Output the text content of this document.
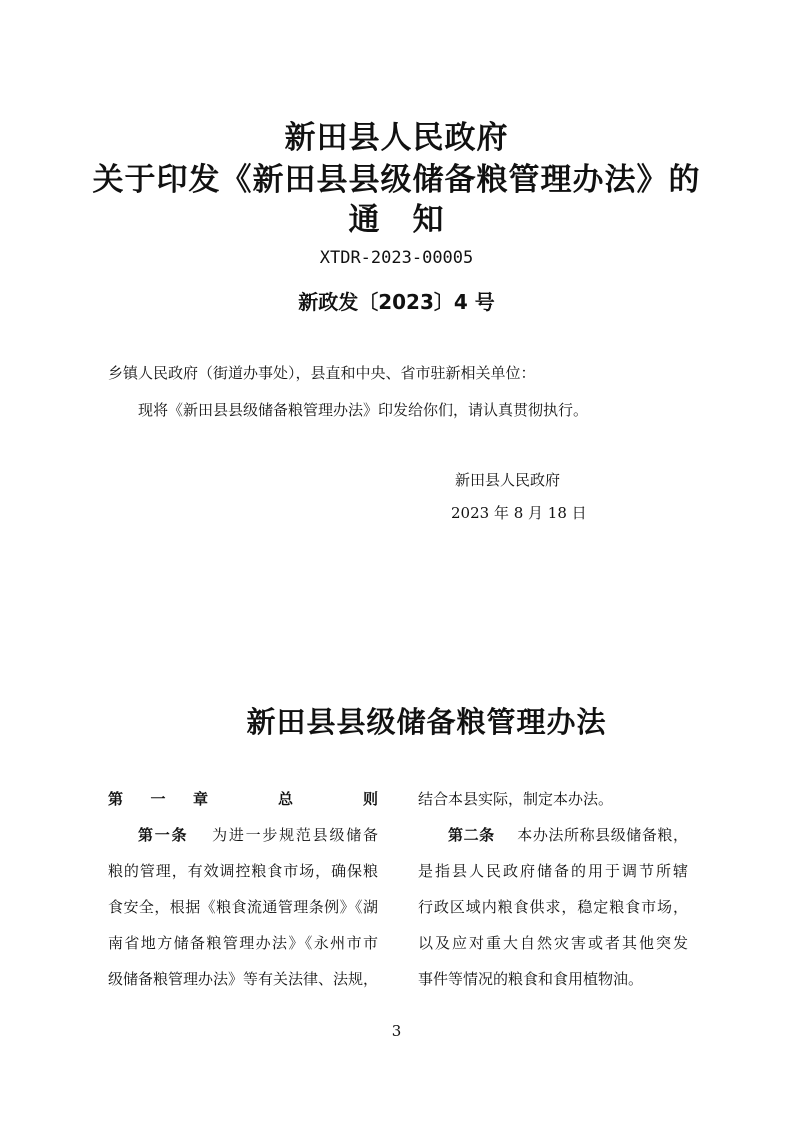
新田县人民政府
关于印发《新田县县级储备粮管理办法》的
通　知
XTDR-2023-00005
新政发〔2023〕4 号
乡镇人民政府（街道办事处），县直和中央、省市驻新相关单位：
现将《新田县县级储备粮管理办法》印发给你们，请认真贯彻执行。
新田县人民政府
2023 年 8 月 18 日
新田县县级储备粮管理办法

第一章　总　则

第一条 为进一步规范县级储备

粮的管理，有效调控粮食市场，确保粮

食安全，根据《粮食流通管理条例》《湖

南省地方储备粮管理办法》《永州市市

级储备粮管理办法》等有关法律、法规，

结合本县实际，制定本办法。

第二条 本办法所称县级储备粮，

是指县人民政府储备的用于调节所辖

行政区域内粮食供求，稳定粮食市场，

以及应对重大自然灾害或者其他突发

事件等情况的粮食和食用植物油。

3
